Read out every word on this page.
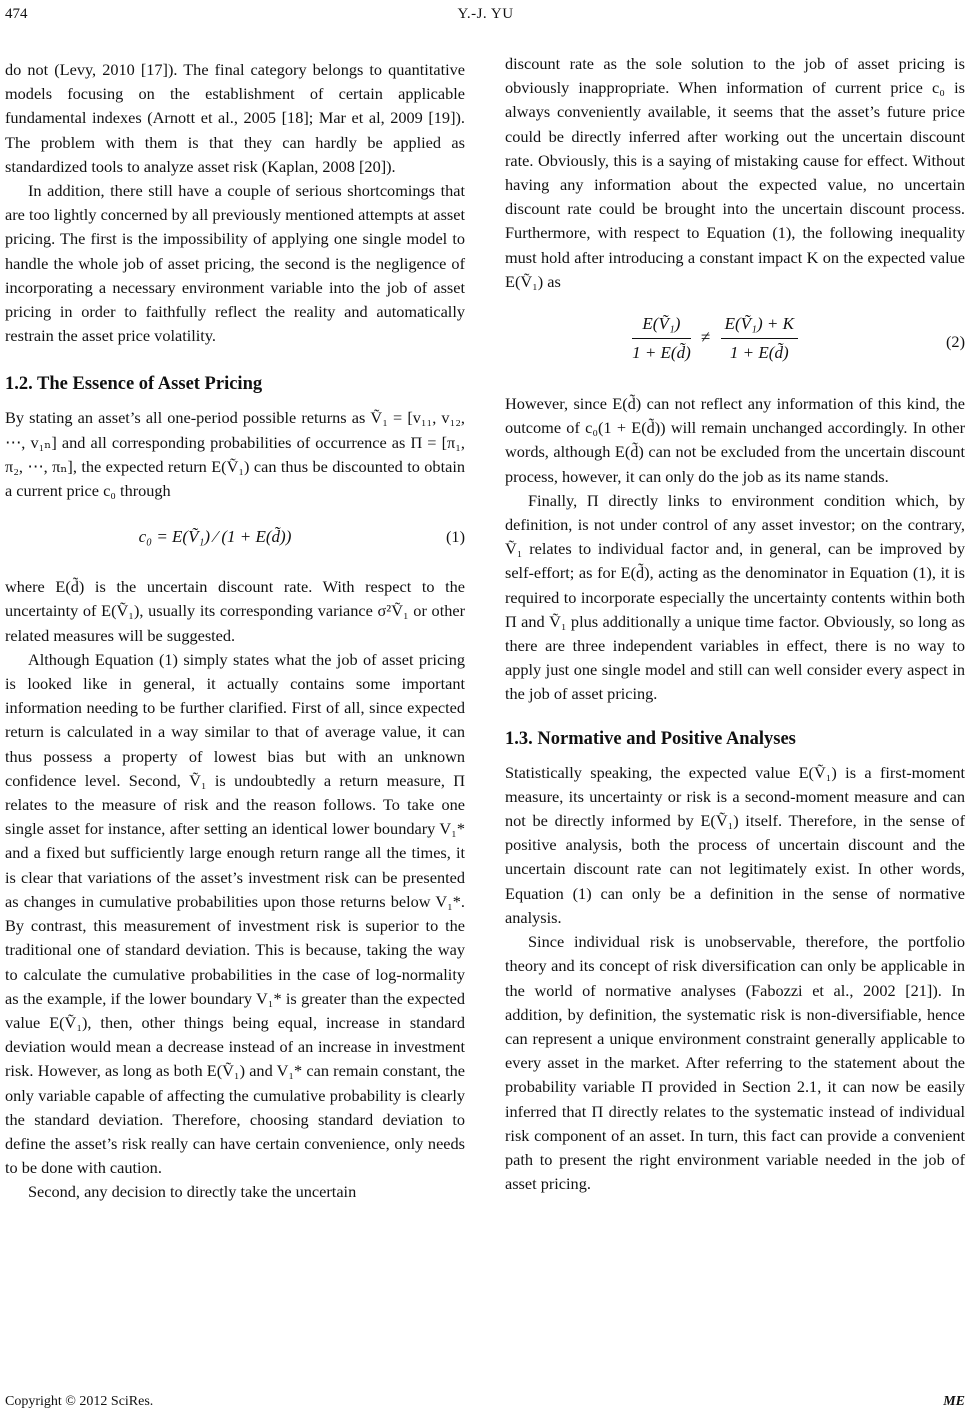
474	Y.-J. YU

do not (Levy, 2010 [17]). The final category belongs to quantitative models focusing on the establishment of certain applicable fundamental indexes (Arnott et al., 2005 [18]; Mar et al, 2009 [19]). The problem with them is that they can hardly be applied as standardized tools to analyze asset risk (Kaplan, 2008 [20]).

In addition, there still have a couple of serious shortcomings that are too lightly concerned by all previously mentioned attempts at asset pricing. The first is the impossibility of applying one single model to handle the whole job of asset pricing, the second is the negligence of incorporating a necessary environment variable into the job of asset pricing in order to faithfully reflect the reality and automatically restrain the asset price volatility.

1.2. The Essence of Asset Pricing

By stating an asset’s all one-period possible returns as Ṽ₁ = [v₁₁, v₁₂, ⋯, v₁ₙ] and all corresponding probabilities of occurrence as Π = [π₁, π₂, ⋯, πₙ], the expected return E(Ṽ₁) can thus be discounted to obtain a current price c₀ through

c₀ = E(Ṽ₁) ⁄ (1 + E(d̃))	(1)

where E(d̃) is the uncertain discount rate. With respect to the uncertainty of E(Ṽ₁), usually its corresponding variance σ²Ṽ₁ or other related measures will be suggested.

Although Equation (1) simply states what the job of asset pricing is looked like in general, it actually contains some important information needing to be further clarified. First of all, since expected return is calculated in a way similar to that of average value, it can thus possess a property of lowest bias but with an unknown confidence level. Second, Ṽ₁ is undoubtedly a return measure, Π relates to the measure of risk and the reason follows. To take one single asset for instance, after setting an identical lower boundary V₁* and a fixed but sufficiently large enough return range all the times, it is clear that variations of the asset’s investment risk can be presented as changes in cumulative probabilities upon those returns below V₁*. By contrast, this measurement of investment risk is superior to the traditional one of standard deviation. This is because, taking the way to calculate the cumulative probabilities in the case of log-normality as the example, if the lower boundary V₁* is greater than the expected value E(Ṽ₁), then, other things being equal, increase in standard deviation would mean a decrease instead of an increase in investment risk. However, as long as both E(Ṽ₁) and V₁* can remain constant, the only variable capable of affecting the cumulative probability is clearly the standard deviation. Therefore, choosing standard deviation to define the asset’s risk really can have certain convenience, only needs to be done with caution.

Second, any decision to directly take the uncertain

discount rate as the sole solution to the job of asset pricing is obviously inappropriate. When information of current price c₀ is always conveniently available, it seems that the asset’s future price could be directly inferred after working out the uncertain discount rate. Obviously, this is a saying of mistaking cause for effect. Without having any information about the expected value, no uncertain discount rate could be brought into the uncertain discount process. Furthermore, with respect to Equation (1), the following inequality must hold after introducing a constant impact K on the expected value E(Ṽ₁) as

$\frac{\text{E(Ṽ₁)}}{1 + E(d̃)} \ne \frac{\text{E(Ṽ₁) + K}}{1 + E(d̃)}$	(2)

However, since E(d̃) can not reflect any information of this kind, the outcome of c₀(1 + E(d̃)) will remain unchanged accordingly. In other words, although E(d̃) can not be excluded from the uncertain discount process, however, it can only do the job as its name stands.

Finally, Π directly links to environment condition which, by definition, is not under control of any asset investor; on the contrary, Ṽ₁ relates to individual factor and, in general, can be improved by self-effort; as for E(d̃), acting as the denominator in Equation (1), it is required to incorporate especially the uncertainty contents within both Π and Ṽ₁ plus additionally a unique time factor. Obviously, so long as there are three independent variables in effect, there is no way to apply just one single model and still can well consider every aspect in the job of asset pricing.

1.3. Normative and Positive Analyses

Statistically speaking, the expected value E(Ṽ₁) is a first-moment measure, its uncertainty or risk is a second-moment measure and can not be directly informed by E(Ṽ₁) itself. Therefore, in the sense of positive analysis, both the process of uncertain discount and the uncertain discount rate can not legitimately exist. In other words, Equation (1) can only be a definition in the sense of normative analysis.

Since individual risk is unobservable, therefore, the portfolio theory and its concept of risk diversification can only be applicable in the world of normative analyses (Fabozzi et al., 2002 [21]). In addition, by definition, the systematic risk is non-diversifiable, hence can represent a unique environment constraint generally applicable to every asset in the market. After referring to the statement about the probability variable Π provided in Section 2.1, it can now be easily inferred that Π directly relates to the systematic instead of individual risk component of an asset. In turn, this fact can provide a convenient path to present the right environment variable needed in the job of asset pricing.

Copyright © 2012 SciRes.	ME
